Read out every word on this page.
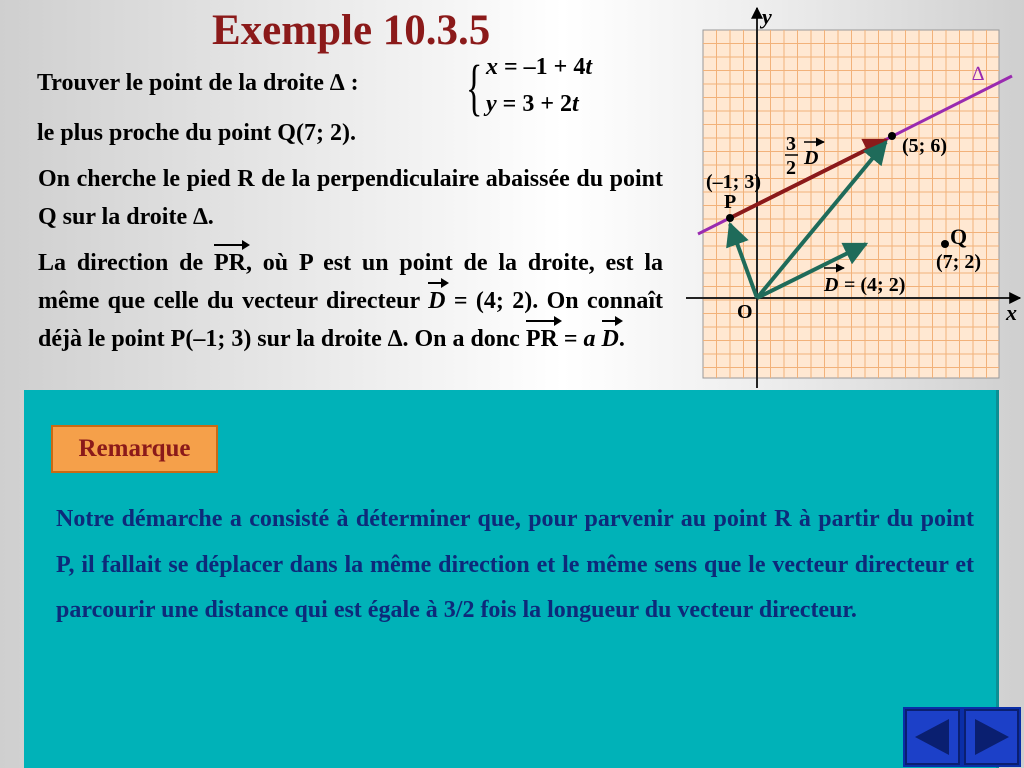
Exemple 10.3.5
Trouver le point de la droite ∆ : { x = –1 + 4t
y = 3 + 2t
le plus proche du point Q(7; 2).
On cherche le pied R de la perpendiculaire abaissée du point Q sur la droite ∆.
La direction de PR, où P est un point de la droite, est la même que celle du vecteur directeur D = (4; 2). On connaît déjà le point P(–1; 3) sur la droite ∆. On a donc PR = a D.
x
y
∆
(–1; 3)
P
O
Q
(7; 2)
(5; 6)
3
2 D
D = (4; 2)
Remarque
Notre démarche a consisté à déterminer que, pour parvenir au point R à partir du point P, il fallait se déplacer dans la même direction et le même sens que le vecteur directeur et parcourir une distance qui est égale à 3/2 fois la longueur du vecteur directeur.
